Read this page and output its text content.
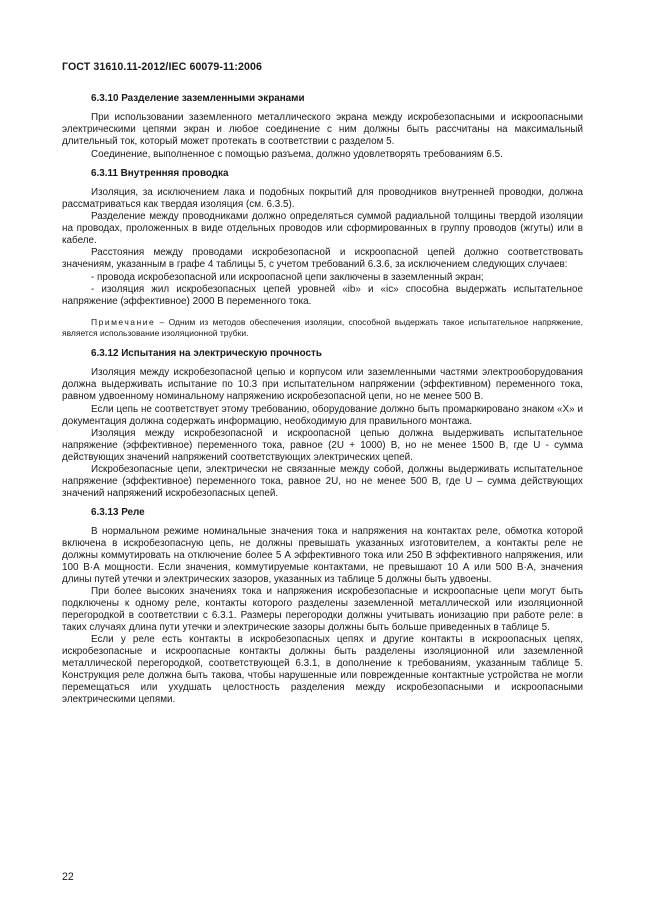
ГОСТ 31610.11-2012/IEC 60079-11:2006
6.3.10 Разделение заземленными экранами

При использовании заземленного металлического экрана между искробезопасными и искроопасными электрическими цепями экран и любое соединение с ним должны быть рассчитаны на максимальный длительный ток, который может протекать в соответствии с разделом 5.

Соединение, выполненное с помощью разъема, должно удовлетворять требованиям 6.5.

6.3.11 Внутренняя проводка

Изоляция, за исключением лака и подобных покрытий для проводников внутренней проводки, должна рассматриваться как твердая изоляция (см. 6.3.5).

Разделение между проводниками должно определяться суммой радиальной толщины твердой изоляции на проводах, проложенных в виде отдельных проводов или сформированных в группу проводов (жгуты) или в кабеле.

Расстояния между проводами искробезопасной и искроопасной цепей должно соответствовать значениям, указанным в графе 4 таблицы 5, с учетом требований 6.3.6, за исключением следующих случаев:

- провода искробезопасной или искроопасной цепи заключены в заземленный экран;

- изоляция жил искробезопасных цепей уровней «ib» и «ic» способна выдержать испытательное напряжение (эффективное) 2000 В переменного тока.

Примечание – Одним из методов обеспечения изоляции, способной выдержать такое испытательное напряжение, является использование изоляционной трубки.

6.3.12 Испытания на электрическую прочность

Изоляция между искробезопасной цепью и корпусом или заземленными частями электрооборудования должна выдерживать испытание по 10.3 при испытательном напряжении (эффективном) переменного тока, равном удвоенному номинальному напряжению искробезопасной цепи, но не менее 500 В.

Если цепь не соответствует этому требованию, оборудование должно быть промаркировано знаком «X» и документация должна содержать информацию, необходимую для правильного монтажа.

Изоляция между искробезопасной и искроопасной цепью должна выдерживать испытательное напряжение (эффективное) переменного тока, равное (2U + 1000) В, но не менее 1500 В, где U - сумма действующих значений напряжений соответствующих электрических цепей.

Искробезопасные цепи, электрически не связанные между собой, должны выдерживать испытательное напряжение (эффективное) переменного тока, равное 2U, но не менее 500 В, где U – сумма действующих значений напряжений искробезопасных цепей.

6.3.13 Реле

В нормальном режиме номинальные значения тока и напряжения на контактах реле, обмотка которой включена в искробезопасную цепь, не должны превышать указанных изготовителем, а контакты реле не должны коммутировать на отключение более 5 А эффективного тока или 250 В эффективного напряжения, или 100 В·А мощности. Если значения, коммутируемые контактами, не превышают 10 А или 500 В·А, значения длины путей утечки и электрических зазоров, указанных из таблице 5 должны быть удвоены.

При более высоких значениях тока и напряжения искробезопасные и искроопасные цепи могут быть подключены к одному реле, контакты которого разделены заземленной металлической или изоляционной перегородкой в соответствии с 6.3.1. Размеры перегородки должны учитывать ионизацию при работе реле: в таких случаях длина пути утечки и электрические зазоры должны быть больше приведенных в таблице 5.

Если у реле есть контакты в искробезопасных цепях и другие контакты в искроопасных цепях, искробезопасные и искроопасные контакты должны быть разделены изоляционной или заземленной металлической перегородкой, соответствующей 6.3.1, в дополнение к требованиям, указанным таблице 5. Конструкция реле должна быть такова, чтобы нарушенные или поврежденные контактные устройства не могли перемещаться или ухудшать целостность разделения между искробезопасными и искроопасными электрическими цепями.

22
